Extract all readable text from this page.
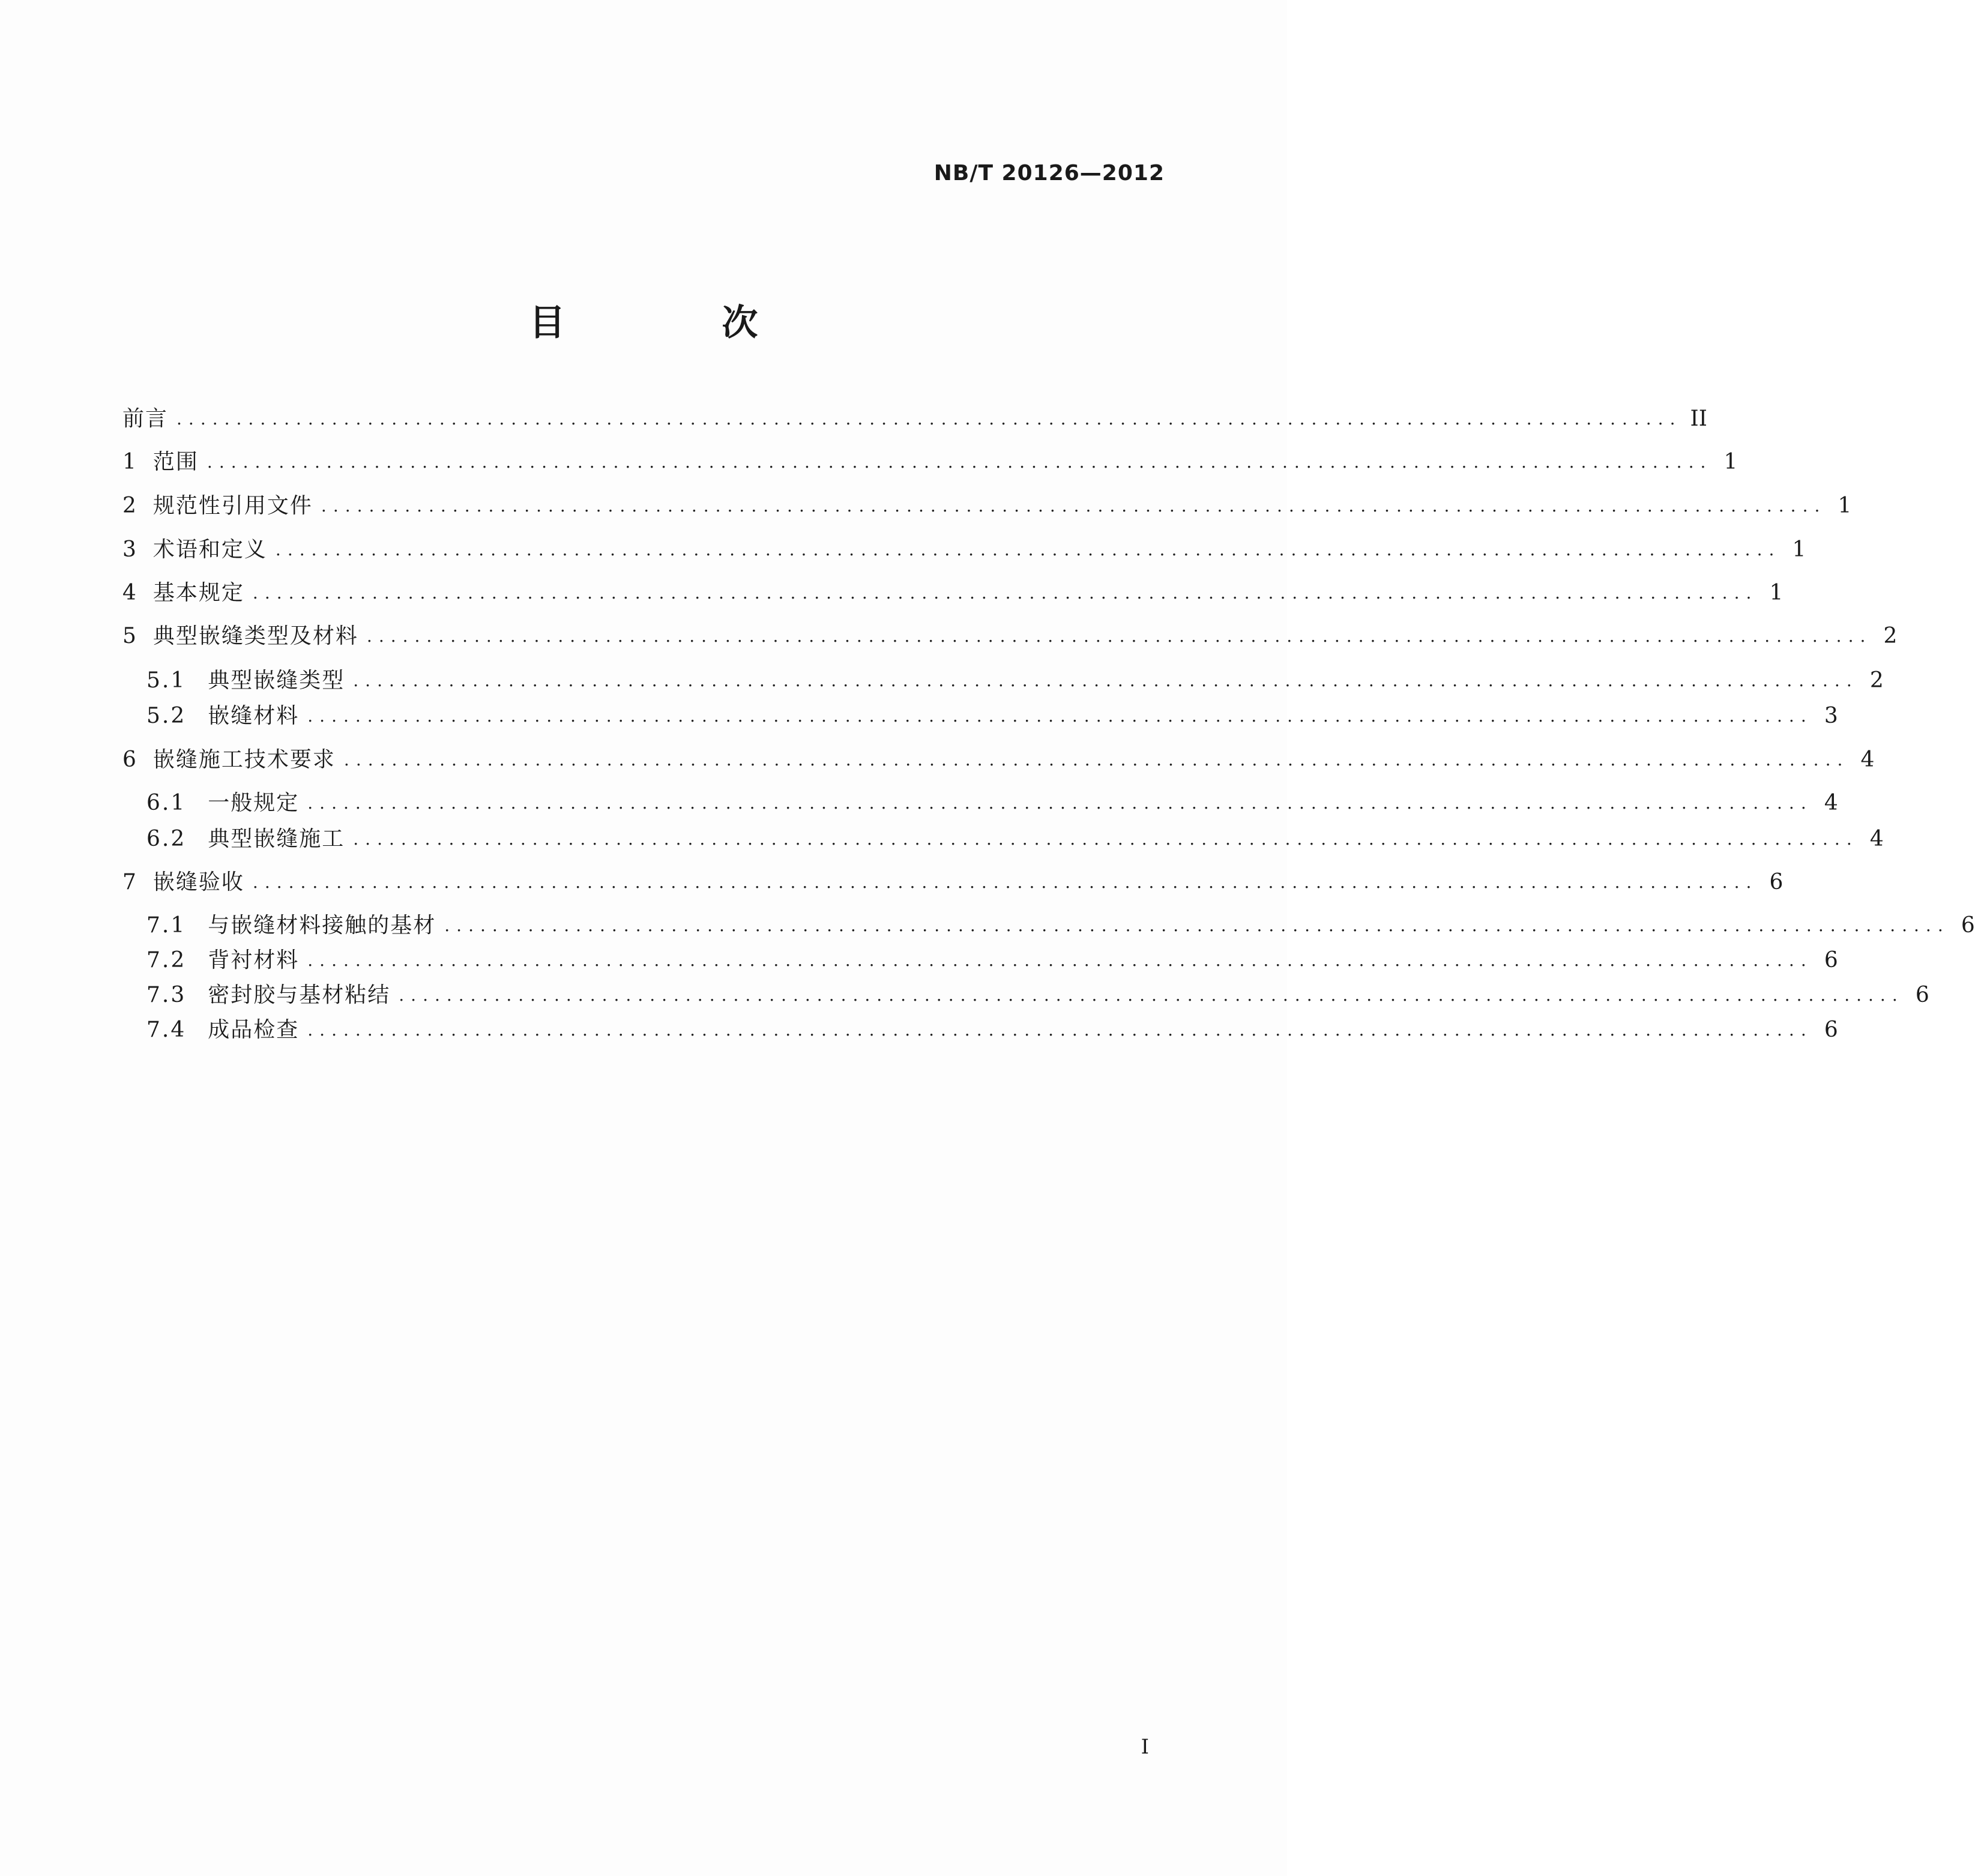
NB/T 20126—2012
目 次
前言 .............................................................................................................................. II
1 范围 .............................................................................................................................. 1
2 规范性引用文件 .............................................................................................................................. 1
3 术语和定义 .............................................................................................................................. 1
4 基本规定 .............................................................................................................................. 1
5 典型嵌缝类型及材料 .............................................................................................................................. 2
5.1 典型嵌缝类型 .............................................................................................................................. 2
5.2 嵌缝材料 .............................................................................................................................. 3
6 嵌缝施工技术要求 .............................................................................................................................. 4
6.1 一般规定 .............................................................................................................................. 4
6.2 典型嵌缝施工 .............................................................................................................................. 4
7 嵌缝验收 .............................................................................................................................. 6
7.1 与嵌缝材料接触的基材 .............................................................................................................................. 6
7.2 背衬材料 .............................................................................................................................. 6
7.3 密封胶与基材粘结 .............................................................................................................................. 6
7.4 成品检查 .............................................................................................................................. 6
I
